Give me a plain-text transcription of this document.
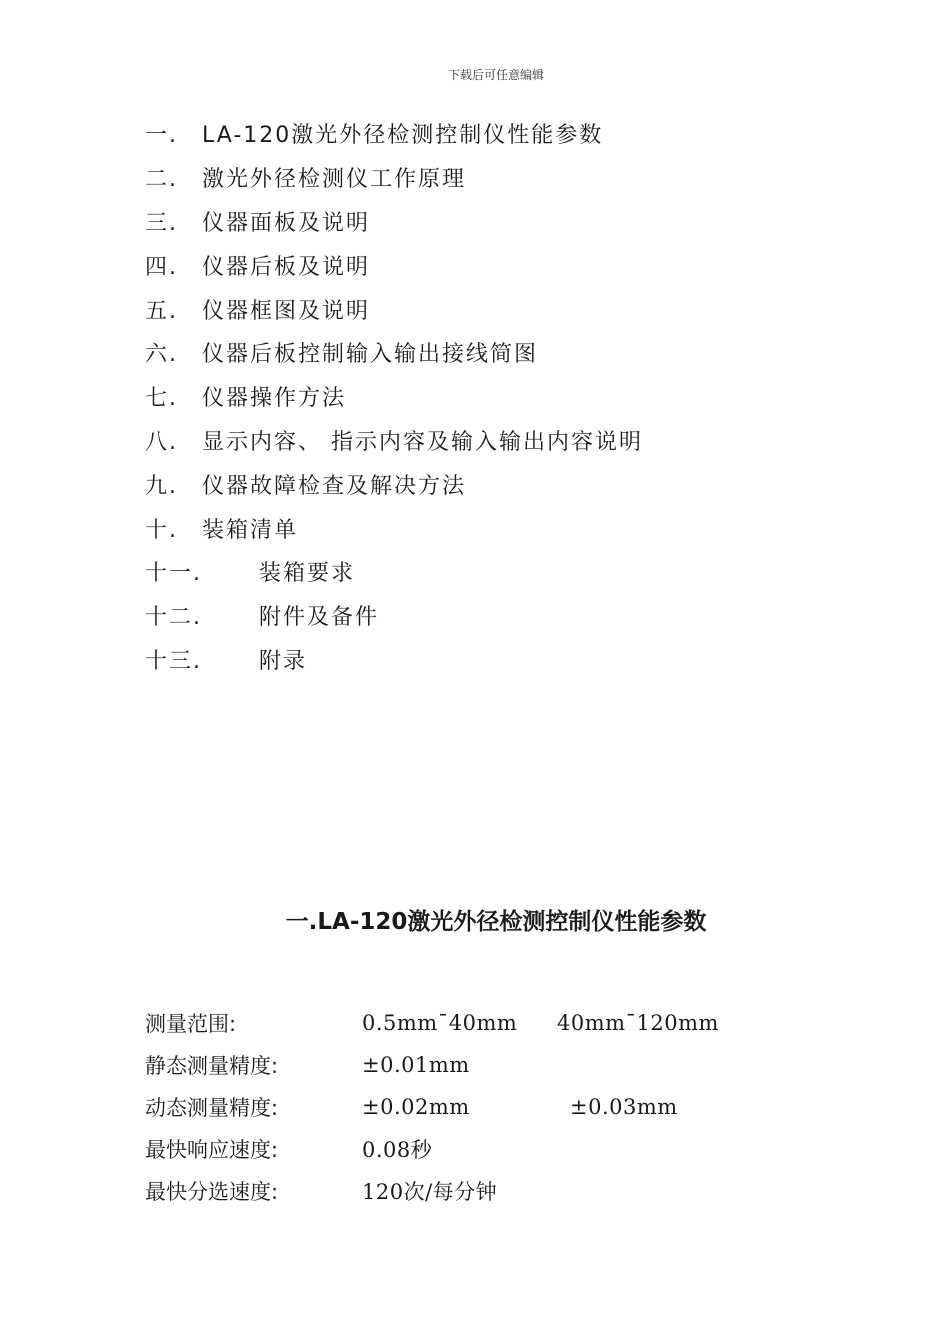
下载后可任意编辑
一.	LA-120激光外径检测控制仪性能参数
二.	激光外径检测仪工作原理
三.	仪器面板及说明
四.	仪器后板及说明
五.	仪器框图及说明
六.	仪器后板控制输入输出接线简图
七.	仪器操作方法
八.	显示内容、 指示内容及输入输出内容说明
九.	仪器故障检查及解决方法
十.	装箱清单
十一.	装箱要求
十二.	附件及备件
十三.	附录
一.LA-120激光外径检测控制仪性能参数
测量范围:	0.5mm¯40mm 40mm¯120mm
静态测量精度:	±0.01mm
动态测量精度:	±0.02mm	±0.03mm
最快响应速度:	0.08秒
最快分选速度:	120次/每分钟
